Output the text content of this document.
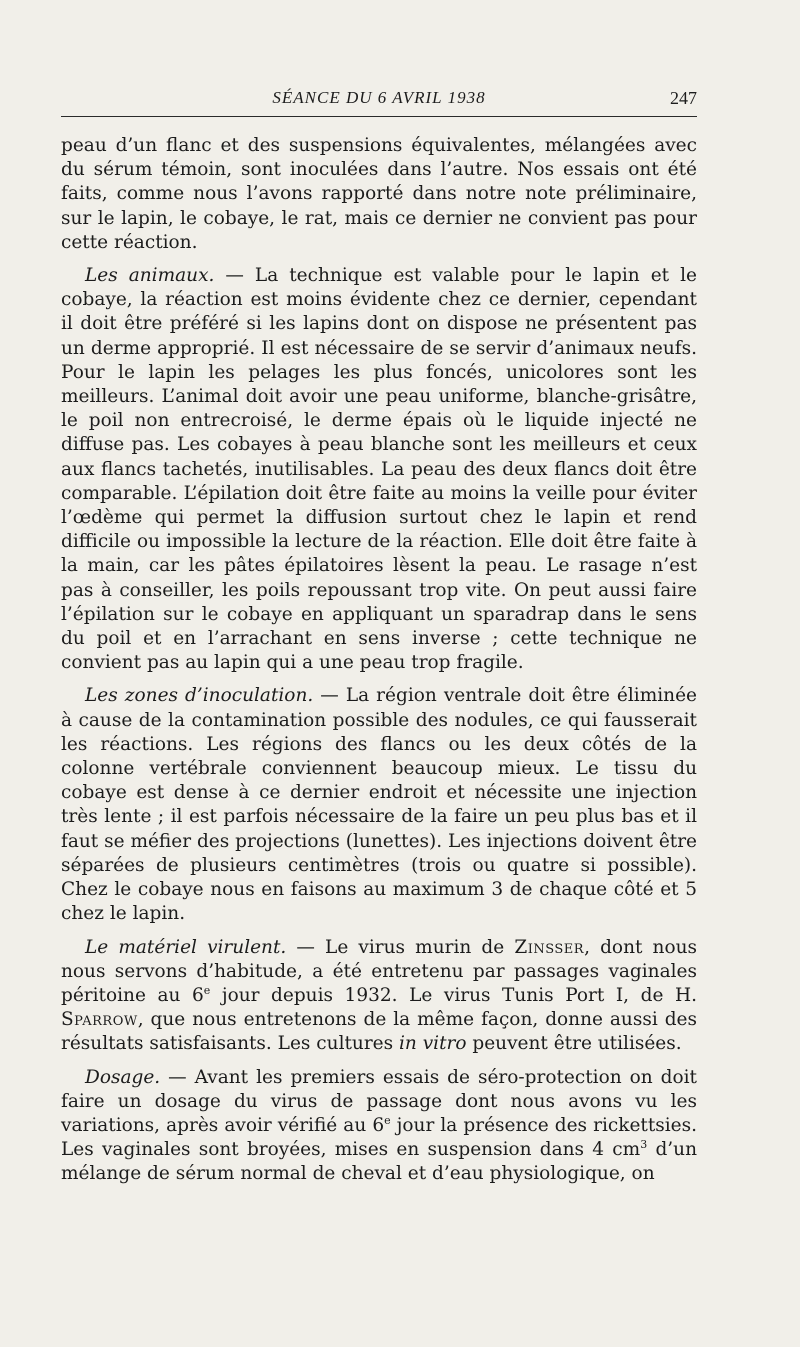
SÉANCE DU 6 AVRIL 1938	247

peau d’un flanc et des suspensions équivalentes, mélangées avec du sérum témoin, sont inoculées dans l’autre. Nos essais ont été faits, comme nous l’avons rapporté dans notre note préliminaire, sur le lapin, le cobaye, le rat, mais ce dernier ne convient pas pour cette réaction.

Les animaux. — La technique est valable pour le lapin et le cobaye, la réaction est moins évidente chez ce dernier, cependant il doit être préféré si les lapins dont on dispose ne présentent pas un derme approprié. Il est nécessaire de se servir d’animaux neufs. Pour le lapin les pelages les plus foncés, unicolores sont les meilleurs. L’animal doit avoir une peau uniforme, blanche-grisâtre, le poil non entrecroisé, le derme épais où le liquide injecté ne diffuse pas. Les cobayes à peau blanche sont les meilleurs et ceux aux flancs tachetés, inutilisables. La peau des deux flancs doit être comparable. L’épilation doit être faite au moins la veille pour éviter l’œdème qui permet la diffusion surtout chez le lapin et rend difficile ou impossible la lecture de la réaction. Elle doit être faite à la main, car les pâtes épilatoires lèsent la peau. Le rasage n’est pas à conseiller, les poils repoussant trop vite. On peut aussi faire l’épilation sur le cobaye en appliquant un sparadrap dans le sens du poil et en l’arrachant en sens inverse ; cette technique ne convient pas au lapin qui a une peau trop fragile.

Les zones d’inoculation. — La région ventrale doit être éliminée à cause de la contamination possible des nodules, ce qui fausserait les réactions. Les régions des flancs ou les deux côtés de la colonne vertébrale conviennent beaucoup mieux. Le tissu du cobaye est dense à ce dernier endroit et nécessite une injection très lente ; il est parfois nécessaire de la faire un peu plus bas et il faut se méfier des projections (lunettes). Les injections doivent être séparées de plusieurs centimètres (trois ou quatre si possible). Chez le cobaye nous en faisons au maximum 3 de chaque côté et 5 chez le lapin.

Le matériel virulent. — Le virus murin de Zinsser, dont nous nous servons d’habitude, a été entretenu par passages vaginales péritoine au 6e jour depuis 1932. Le virus Tunis Port I, de H. Sparrow, que nous entretenons de la même façon, donne aussi des résultats satisfaisants. Les cultures in vitro peuvent être utilisées.

Dosage. — Avant les premiers essais de séro-protection on doit faire un dosage du virus de passage dont nous avons vu les variations, après avoir vérifié au 6e jour la présence des rickettsies. Les vaginales sont broyées, mises en suspension dans 4 $cm^3$ d’un mélange de sérum normal de cheval et d’eau physiologique, on
